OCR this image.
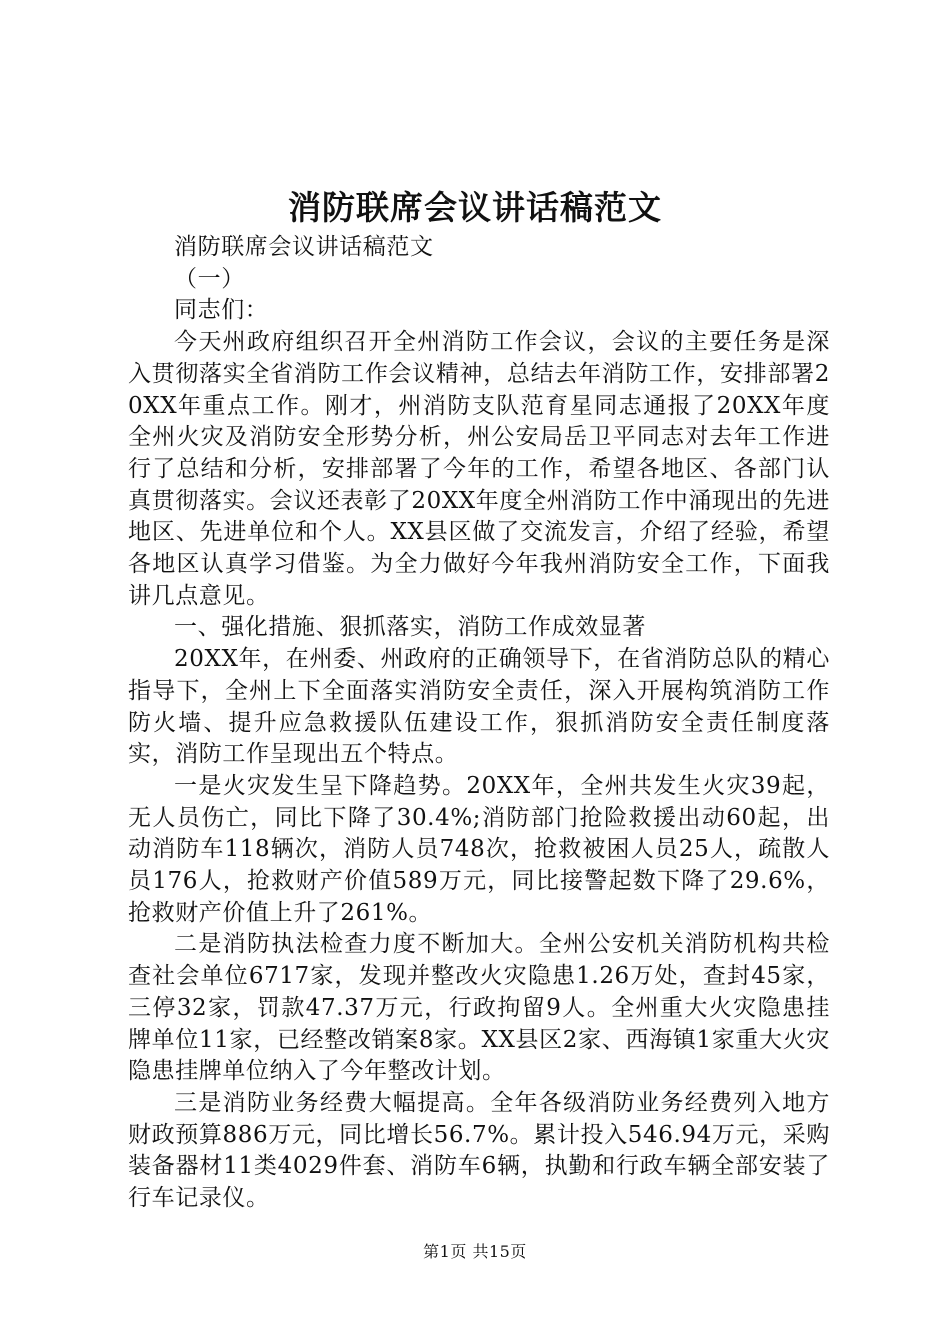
消防联席会议讲话稿范文

消防联席会议讲话稿范文

（一）

同志们：

今天州政府组织召开全州消防工作会议，会议的主要任务是深入贯彻落实全省消防工作会议精神，总结去年消防工作，安排部署20XX年重点工作。刚才，州消防支队范育星同志通报了20XX年度全州火灾及消防安全形势分析，州公安局岳卫平同志对去年工作进行了总结和分析，安排部署了今年的工作，希望各地区、各部门认真贯彻落实。会议还表彰了20XX年度全州消防工作中涌现出的先进地区、先进单位和个人。XX县区做了交流发言，介绍了经验，希望各地区认真学习借鉴。为全力做好今年我州消防安全工作，下面我讲几点意见。

一、强化措施、狠抓落实，消防工作成效显著

20XX年，在州委、州政府的正确领导下，在省消防总队的精心指导下，全州上下全面落实消防安全责任，深入开展构筑消防工作防火墙、提升应急救援队伍建设工作，狠抓消防安全责任制度落实，消防工作呈现出五个特点。

一是火灾发生呈下降趋势。20XX年，全州共发生火灾39起，无人员伤亡，同比下降了30.4%;消防部门抢险救援出动60起，出动消防车118辆次，消防人员748次，抢救被困人员25人，疏散人员176人，抢救财产价值589万元，同比接警起数下降了29.6%，抢救财产价值上升了261%。

二是消防执法检查力度不断加大。全州公安机关消防机构共检查社会单位6717家，发现并整改火灾隐患1.26万处，查封45家，三停32家，罚款47.37万元，行政拘留9人。全州重大火灾隐患挂牌单位11家，已经整改销案8家。XX县区2家、西海镇1家重大火灾隐患挂牌单位纳入了今年整改计划。

三是消防业务经费大幅提高。全年各级消防业务经费列入地方财政预算886万元，同比增长56.7%。累计投入546.94万元，采购装备器材11类4029件套、消防车6辆，执勤和行政车辆全部安装了行车记录仪。

第1页 共15页
